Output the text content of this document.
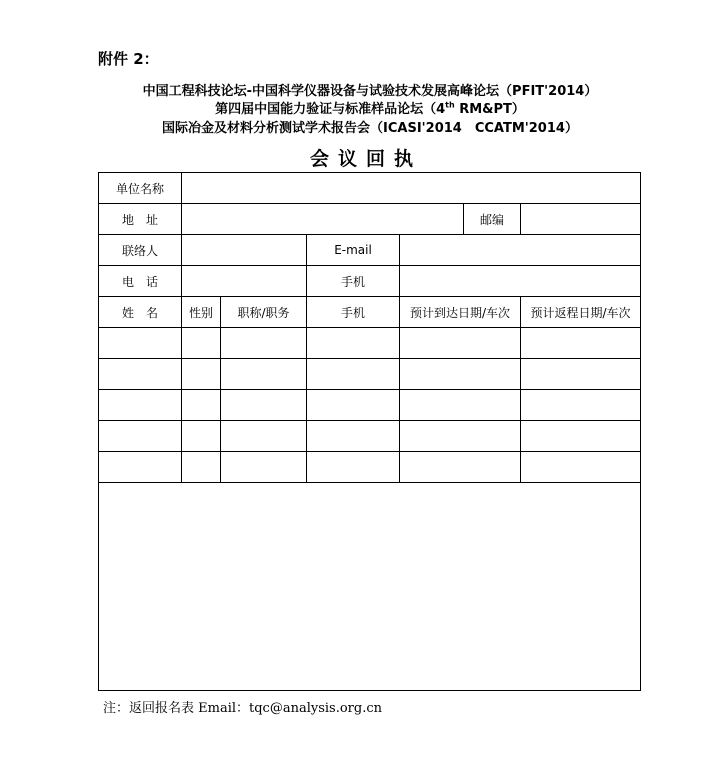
附件 2：
中国工程科技论坛-中国科学仪器设备与试验技术发展高峰论坛（PFIT'2014）
第四届中国能力验证与标准样品论坛（4th RM&PT）
国际冶金及材料分析测试学术报告会（ICASI'2014　CCATM'2014）
会议回执
单位名称
地　址	邮编
联络人	E-mail
电　话	手机
姓　名	性别	职称/职务	手机	预计到达日期/车次	预计返程日期/车次
注：返回报名表 Email：tqc@analysis.org.cn
